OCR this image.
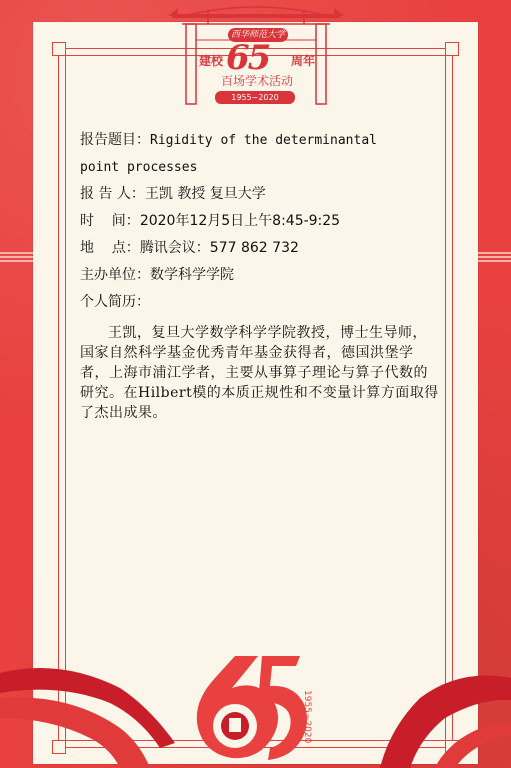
西华师范大学
建校 65 周年
百场学术活动
1955~2020
报告题目：Rigidity of the determinantal
point processes
报 告 人：王凯 教授 复旦大学
时    间：2020年12月5日上午8:45-9:25
地    点：腾讯会议：577 862 732
主办单位：数学科学学院
个人简历：
王凯，复旦大学数学科学学院教授，博士生导师，国家自然科学基金优秀青年基金获得者，德国洪堡学者，上海市浦江学者，主要从事算子理论与算子代数的研究。在Hilbert模的本质正规性和不变量计算方面取得了杰出成果。
1955~2020
